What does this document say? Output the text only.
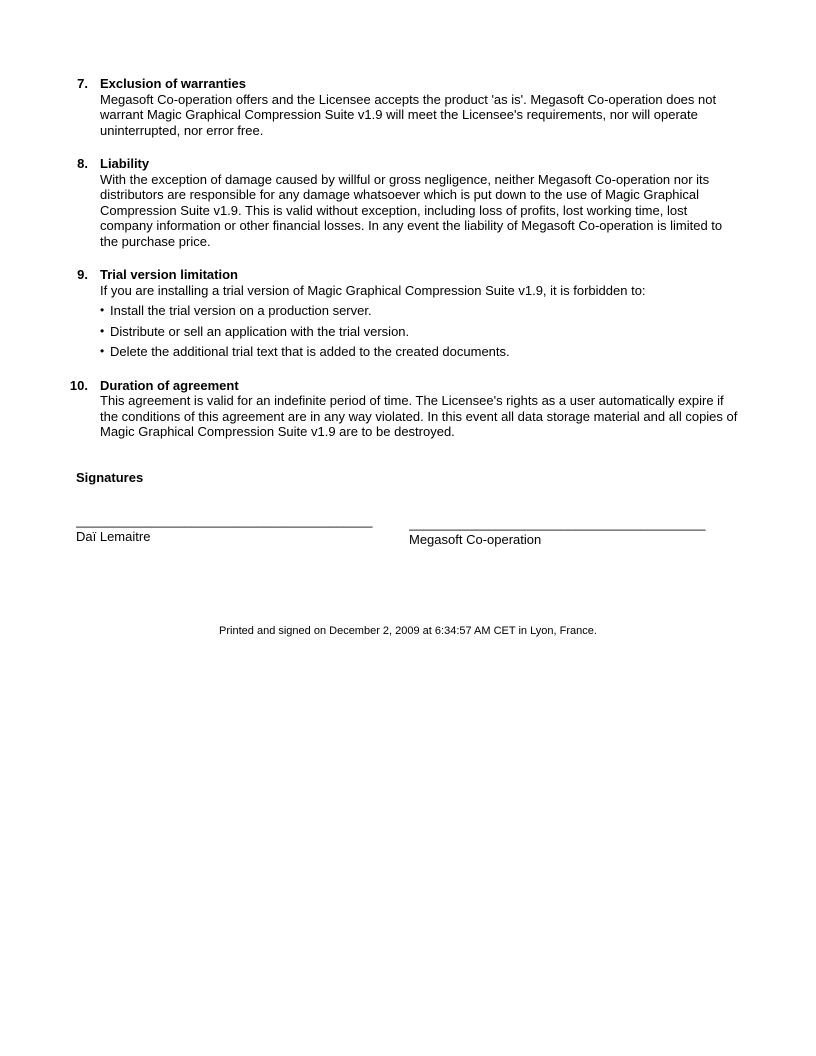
7. Exclusion of warranties
Megasoft Co-operation offers and the Licensee accepts the product 'as is'. Megasoft Co-operation does not warrant Magic Graphical Compression Suite v1.9 will meet the Licensee's requirements, nor will operate uninterrupted, nor error free.
8. Liability
With the exception of damage caused by willful or gross negligence, neither Megasoft Co-operation nor its distributors are responsible for any damage whatsoever which is put down to the use of Magic Graphical Compression Suite v1.9. This is valid without exception, including loss of profits, lost working time, lost company information or other financial losses. In any event the liability of Megasoft Co-operation is limited to the purchase price.
9. Trial version limitation
If you are installing a trial version of Magic Graphical Compression Suite v1.9, it is forbidden to:
• Install the trial version on a production server.
• Distribute or sell an application with the trial version.
• Delete the additional trial text that is added to the created documents.
10. Duration of agreement
This agreement is valid for an indefinite period of time. The Licensee's rights as a user automatically expire if the conditions of this agreement are in any way violated. In this event all data storage material and all copies of Magic Graphical Compression Suite v1.9 are to be destroyed.
Signatures
_________________________________________
Daï Lemaitre
_________________________________________
Megasoft Co-operation
Printed and signed on December 2, 2009 at 6:34:57 AM CET in Lyon, France.
